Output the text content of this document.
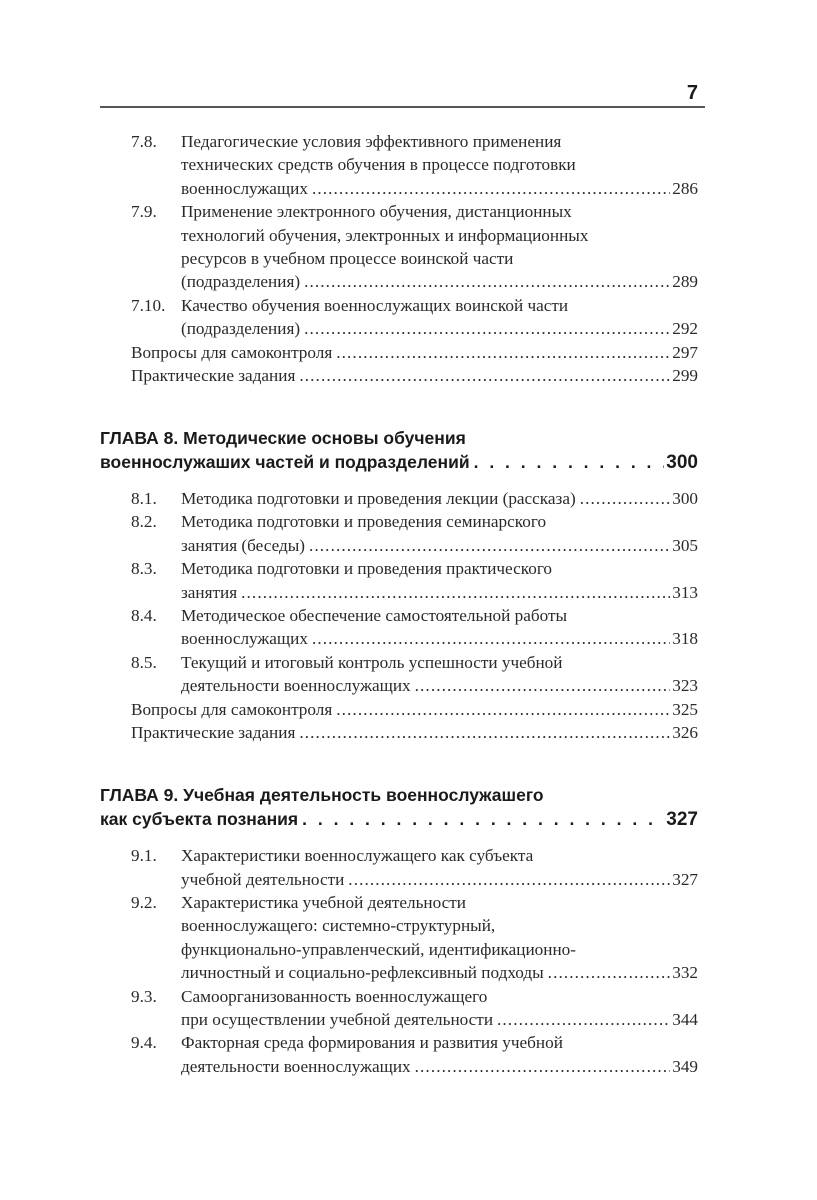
7
7.8.	Педагогические условия эффективного применения
технических средств обучения в процессе подготовки
военнослужащих . . .	286
7.9.	Применение электронного обучения, дистанционных
технологий обучения, электронных и информационных
ресурсов в учебном процессе воинской части
(подразделения) . . .	289
7.10. Качество обучения военнослужащих воинской части
(подразделения) . . .	292
Вопросы для самоконтроля . . .	297
Практические задания . . .	299
ГЛАВА 8. Методические основы обучения
военнослужаших частей и подразделений . . .	300
8.1.	Методика подготовки и проведения лекции (рассказа) . . .	300
8.2.	Методика подготовки и проведения семинарского
занятия (беседы) . . .	305
8.3.	Методика подготовки и проведения практического
занятия . . .	313
8.4.	Методическое обеспечение самостоятельной работы
военнослужащих . . .	318
8.5.	Текущий и итоговый контроль успешности учебной
деятельности военнослужащих . . .	323
Вопросы для самоконтроля . . .	325
Практические задания . . .	326
ГЛАВА 9. Учебная деятельность военнослужашего
как субъекта познания . . .	327
9.1.	Характеристики военнослужащего как субъекта
учебной деятельности . . .	327
9.2.	Характеристика учебной деятельности
военнослужащего: системно-структурный,
функционально-управленческий, идентификационно-
личностный и социально-рефлексивный подходы . . .	332
9.3.	Самоорганизованность военнослужащего
при осуществлении учебной деятельности . . .	344
9.4.	Факторная среда формирования и развития учебной
деятельности военнослужащих . . .	349
